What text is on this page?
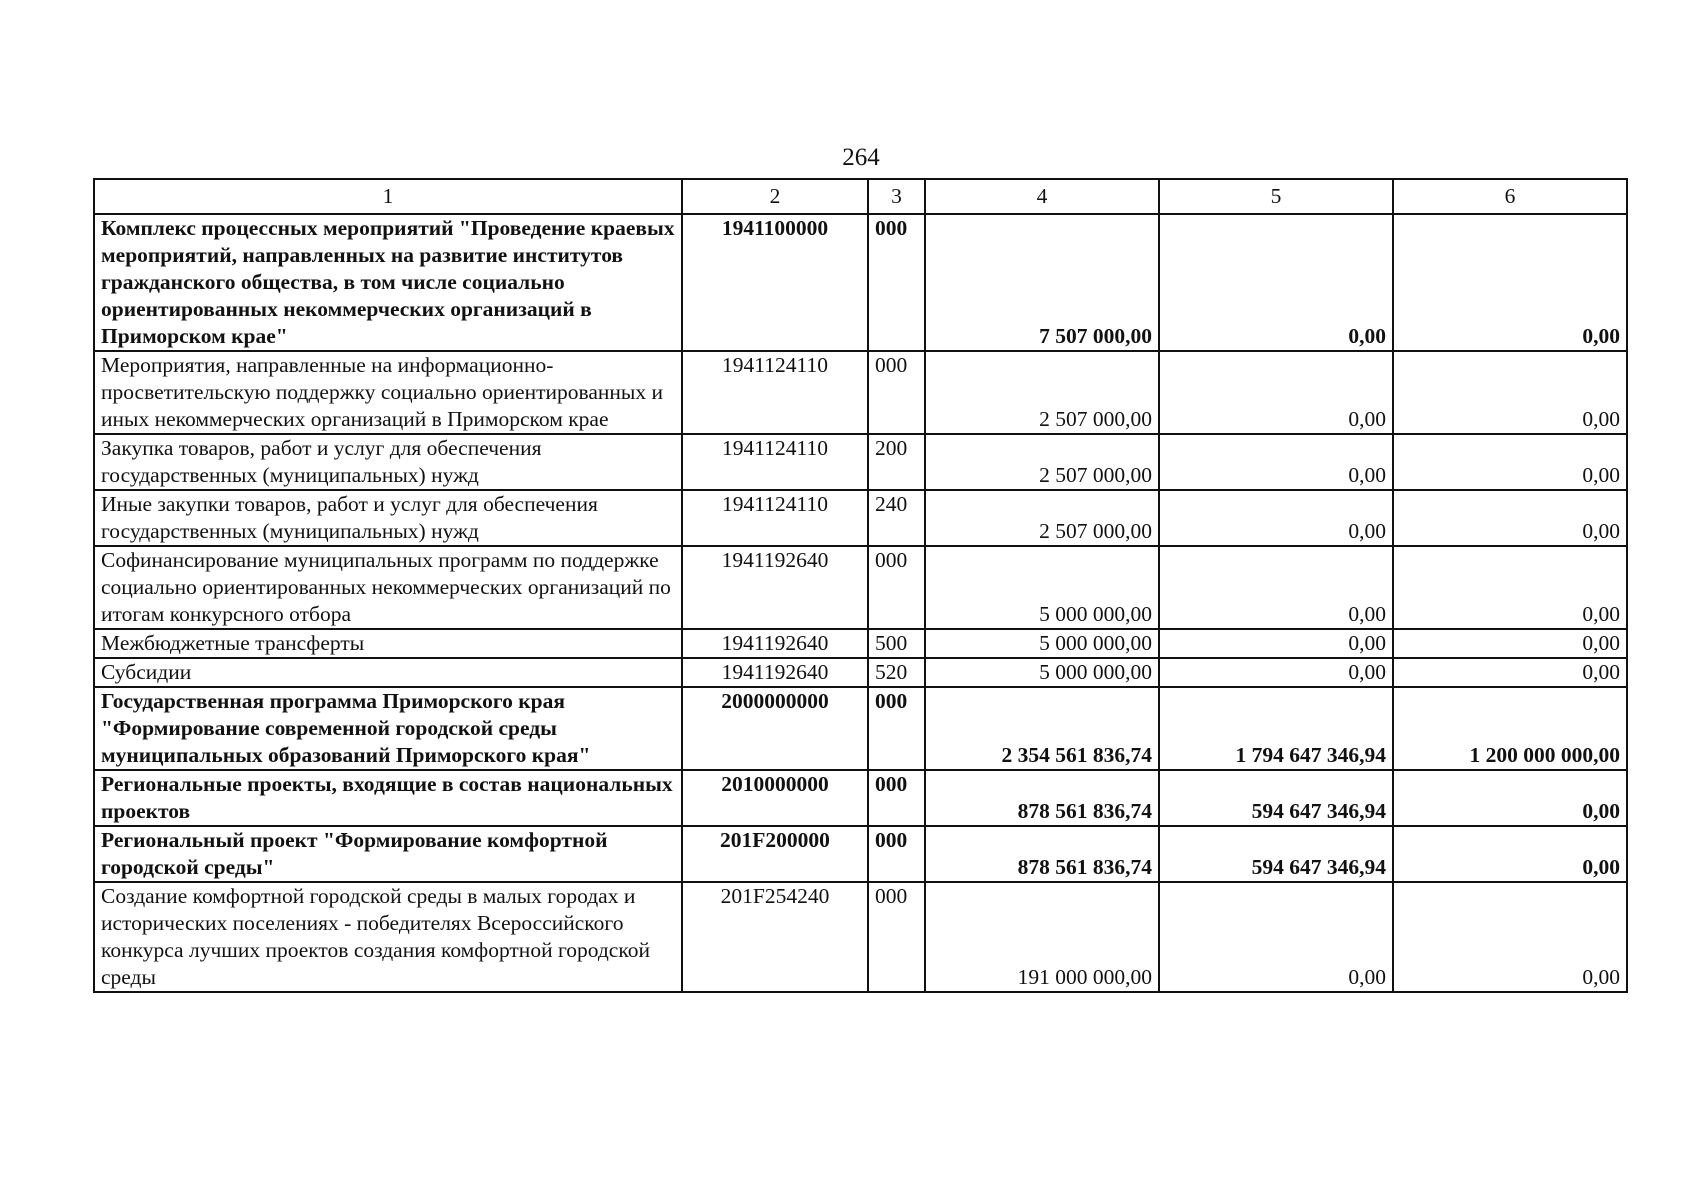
264
1	2	3	4	5	6
Комплекс процессных мероприятий "Проведение краевых мероприятий, направленных на развитие институтов гражданского общества, в том числе социально ориентированных некоммерческих организаций в Приморском крае"	1941100000	000	7 507 000,00	0,00	0,00
Мероприятия, направленные на информационно-просветительскую поддержку социально ориентированных и иных некоммерческих организаций в Приморском крае	1941124110	000	2 507 000,00	0,00	0,00
Закупка товаров, работ и услуг для обеспечения государственных (муниципальных) нужд	1941124110	200	2 507 000,00	0,00	0,00
Иные закупки товаров, работ и услуг для обеспечения государственных (муниципальных) нужд	1941124110	240	2 507 000,00	0,00	0,00
Софинансирование муниципальных программ по поддержке социально ориентированных некоммерческих организаций по итогам конкурсного отбора	1941192640	000	5 000 000,00	0,00	0,00
Межбюджетные трансферты	1941192640	500	5 000 000,00	0,00	0,00
Субсидии	1941192640	520	5 000 000,00	0,00	0,00
Государственная программа Приморского края "Формирование современной городской среды муниципальных образований Приморского края"	2000000000	000	2 354 561 836,74	1 794 647 346,94	1 200 000 000,00
Региональные проекты, входящие в состав национальных проектов	2010000000	000	878 561 836,74	594 647 346,94	0,00
Региональный проект "Формирование комфортной городской среды"	201F200000	000	878 561 836,74	594 647 346,94	0,00
Создание комфортной городской среды в малых городах и исторических поселениях - победителях Всероссийского конкурса лучших проектов создания комфортной городской среды	201F254240	000	191 000 000,00	0,00	0,00
